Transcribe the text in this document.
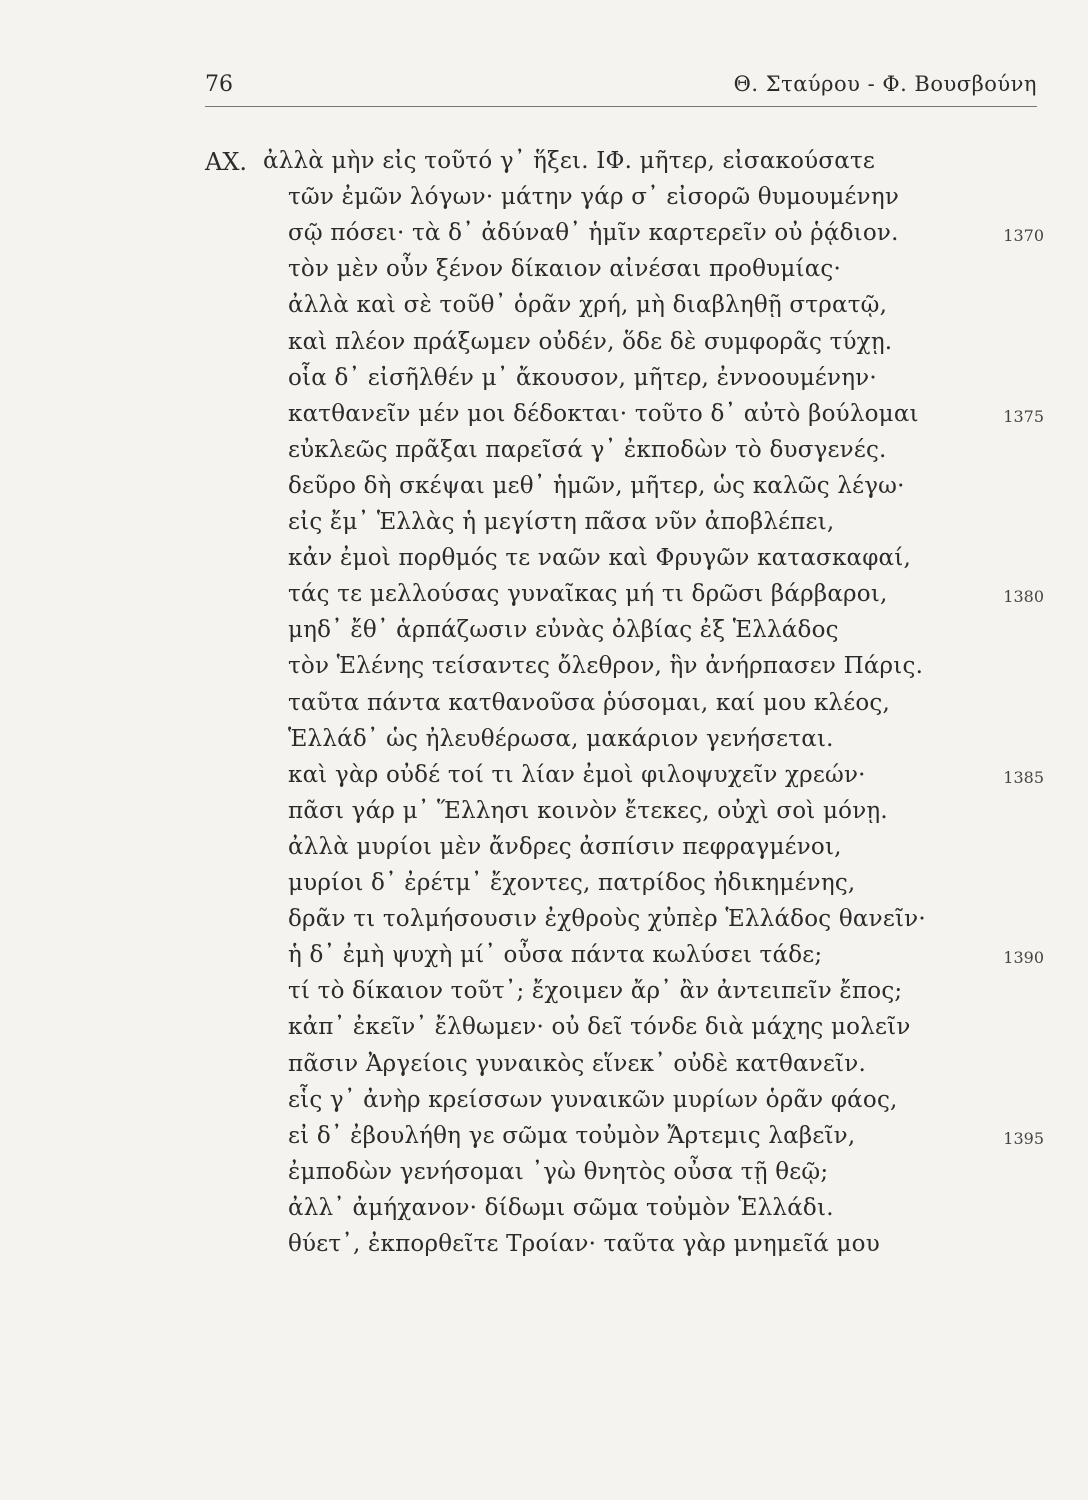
76	Θ. Σταύρου - Φ. Βουσβούνη
ΑΧ. ἀλλὰ μὴν εἰς τοῦτό γ᾿ ἥξει. ΙΦ. μῆτερ, εἰσακούσατε
τῶν ἐμῶν λόγων· μάτην γάρ σ᾿ εἰσορῶ θυμουμένην
σῷ πόσει· τὰ δ᾿ ἀδύναθ᾿ ἡμῖν καρτερεῖν οὐ ῥᾴδιον.	1370
τὸν μὲν οὖν ξένον δίκαιον αἰνέσαι προθυμίας·
ἀλλὰ καὶ σὲ τοῦθ᾿ ὁρᾶν χρή, μὴ διαβληθῇ στρατῷ,
καὶ πλέον πράξωμεν οὐδέν, ὅδε δὲ συμφορᾶς τύχῃ.
οἷα δ᾿ εἰσῆλθέν μ᾿ ἄκουσον, μῆτερ, ἐννοουμένην·
κατθανεῖν μέν μοι δέδοκται· τοῦτο δ᾿ αὐτὸ βούλομαι	1375
εὐκλεῶς πρᾶξαι παρεῖσά γ᾿ ἐκποδὼν τὸ δυσγενές.
δεῦρο δὴ σκέψαι μεθ᾿ ἡμῶν, μῆτερ, ὡς καλῶς λέγω·
εἰς ἔμ᾿ Ἑλλὰς ἡ μεγίστη πᾶσα νῦν ἀποβλέπει,
κἀν ἐμοὶ πορθμός τε ναῶν καὶ Φρυγῶν κατασκαφαί,
τάς τε μελλούσας γυναῖκας μή τι δρῶσι βάρβαροι,	1380
μηδ᾿ ἔθ᾿ ἁρπάζωσιν εὐνὰς ὀλβίας ἐξ Ἑλλάδος
τὸν Ἑλένης τείσαντες ὄλεθρον, ἣν ἀνήρπασεν Πάρις.
ταῦτα πάντα κατθανοῦσα ῥύσομαι, καί μου κλέος,
Ἑλλάδ᾿ ὡς ἠλευθέρωσα, μακάριον γενήσεται.
καὶ γὰρ οὐδέ τοί τι λίαν ἐμοὶ φιλοψυχεῖν χρεών·	1385
πᾶσι γάρ μ᾿ Ἕλλησι κοινὸν ἔτεκες, οὐχὶ σοὶ μόνῃ.
ἀλλὰ μυρίοι μὲν ἄνδρες ἀσπίσιν πεφραγμένοι,
μυρίοι δ᾿ ἐρέτμ᾿ ἔχοντες, πατρίδος ἠδικημένης,
δρᾶν τι τολμήσουσιν ἐχθροὺς χὐπὲρ Ἑλλάδος θανεῖν·
ἡ δ᾿ ἐμὴ ψυχὴ μί᾿ οὖσα πάντα κωλύσει τάδε;	1390
τί τὸ δίκαιον τοῦτ᾿; ἔχοιμεν ἄρ᾿ ἂν ἀντειπεῖν ἔπος;
κἀπ᾿ ἐκεῖν᾿ ἔλθωμεν· οὐ δεῖ τόνδε διὰ μάχης μολεῖν
πᾶσιν Ἀργείοις γυναικὸς εἵνεκ᾿ οὐδὲ κατθανεῖν.
εἷς γ᾿ ἀνὴρ κρείσσων γυναικῶν μυρίων ὁρᾶν φάος,
εἰ δ᾿ ἐβουλήθη γε σῶμα τοὐμὸν Ἄρτεμις λαβεῖν,	1395
ἐμποδὼν γενήσομαι ᾿γὼ θνητὸς οὖσα τῇ θεῷ;
ἀλλ᾿ ἀμήχανον· δίδωμι σῶμα τοὐμὸν Ἑλλάδι.
θύετ᾿, ἐκπορθεῖτε Τροίαν· ταῦτα γὰρ μνημεῖά μου
